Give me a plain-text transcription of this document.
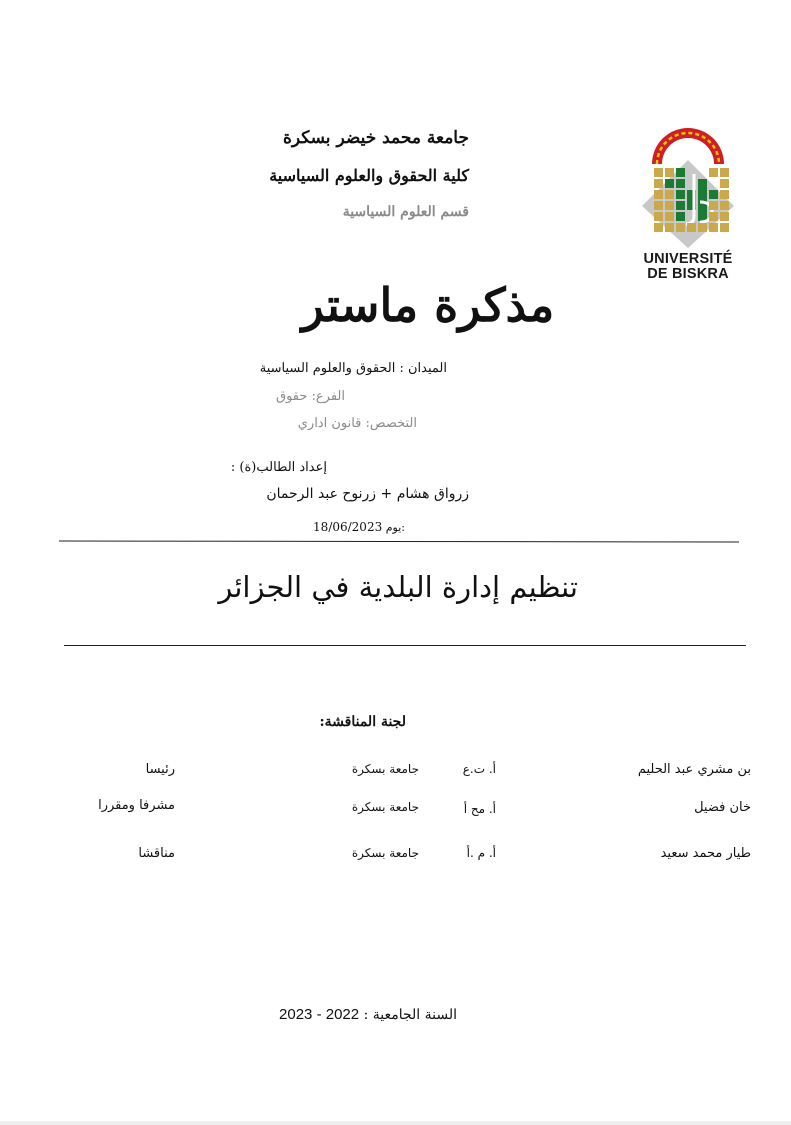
جامعة محمد خيضر بسكرة
كلية الحقوق والعلوم السياسية
قسم العلوم السياسية
UNIVERSITÉ
DE BISKRA
مذكرة ماستر
الميدان : الحقوق والعلوم السياسية
الفرع: حقوق
التخصص: قانون اداري
إعداد الطالب(ة) :
زرواق هشام + زرنوح عبد الرحمان
18/06/2023 يوم:
تنظيم إدارة البلدية في الجزائر
لجنة المناقشة:
بن مشري عبد الحليم
أ. ت.ع
جامعة بسكرة
رئيسا
خان فضيل
أ. مح أ
جامعة بسكرة
مشرفا ومقررا
طيار محمد سعيد
أ. م .أ
جامعة بسكرة
مناقشا
2023 - 2022 السنة الجامعية :
